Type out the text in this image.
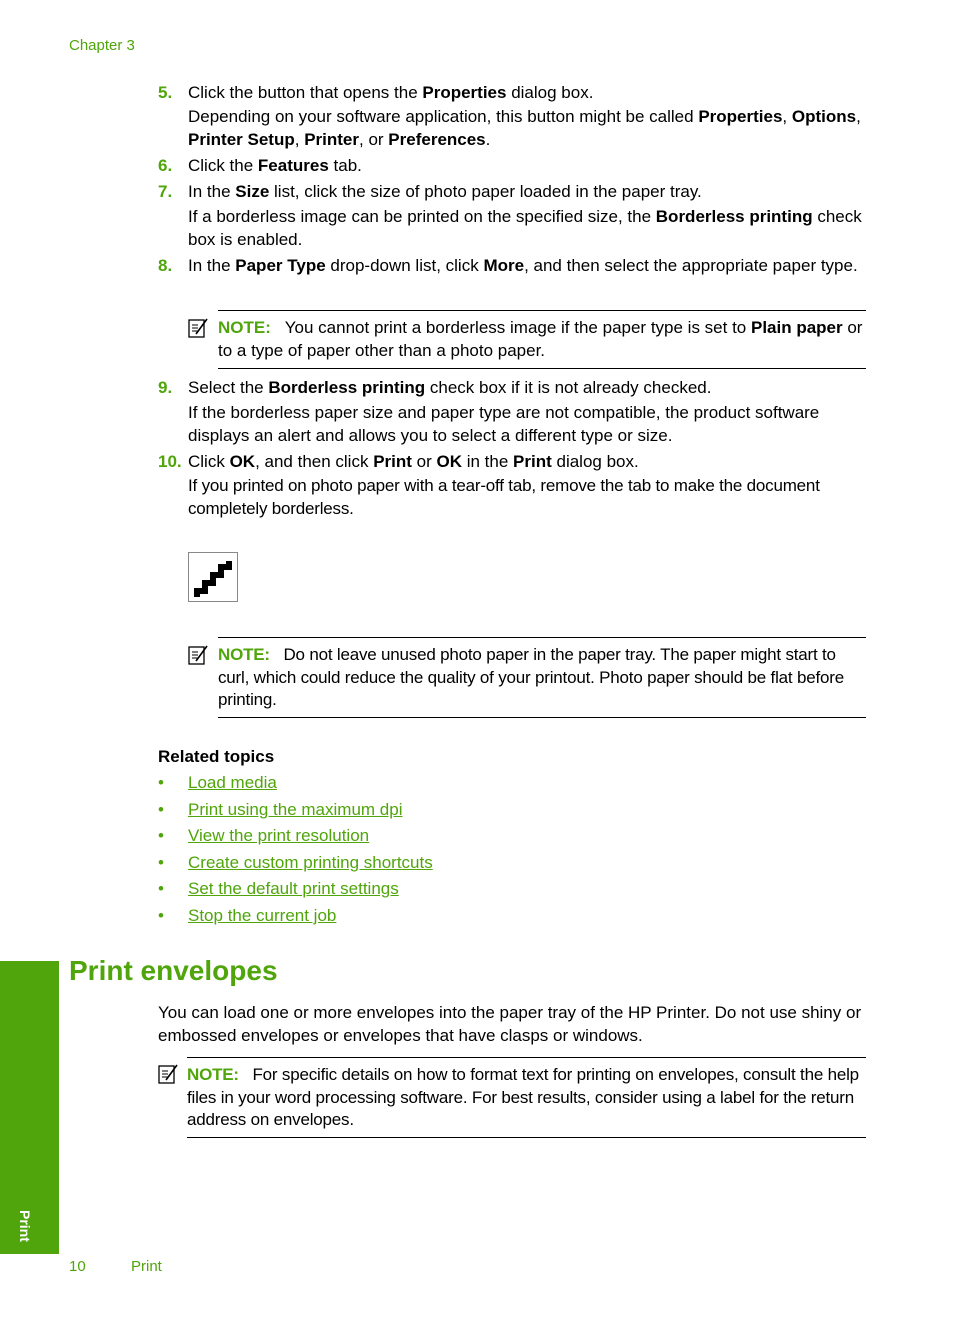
Chapter 3
5. Click the button that opens the Properties dialog box.
Depending on your software application, this button might be called Properties, Options, Printer Setup, Printer, or Preferences.
6. Click the Features tab.
7. In the Size list, click the size of photo paper loaded in the paper tray.
If a borderless image can be printed on the specified size, the Borderless printing check box is enabled.
8. In the Paper Type drop-down list, click More, and then select the appropriate paper type.
NOTE: You cannot print a borderless image if the paper type is set to Plain paper or to a type of paper other than a photo paper.
9. Select the Borderless printing check box if it is not already checked.
If the borderless paper size and paper type are not compatible, the product software displays an alert and allows you to select a different type or size.
10. Click OK, and then click Print or OK in the Print dialog box.
If you printed on photo paper with a tear-off tab, remove the tab to make the document completely borderless.
NOTE: Do not leave unused photo paper in the paper tray. The paper might start to curl, which could reduce the quality of your printout. Photo paper should be flat before printing.
Related topics
• Load media
• Print using the maximum dpi
• View the print resolution
• Create custom printing shortcuts
• Set the default print settings
• Stop the current job
Print
Print envelopes
You can load one or more envelopes into the paper tray of the HP Printer. Do not use shiny or embossed envelopes or envelopes that have clasps or windows.
NOTE: For specific details on how to format text for printing on envelopes, consult the help files in your word processing software. For best results, consider using a label for the return address on envelopes.
10	Print
